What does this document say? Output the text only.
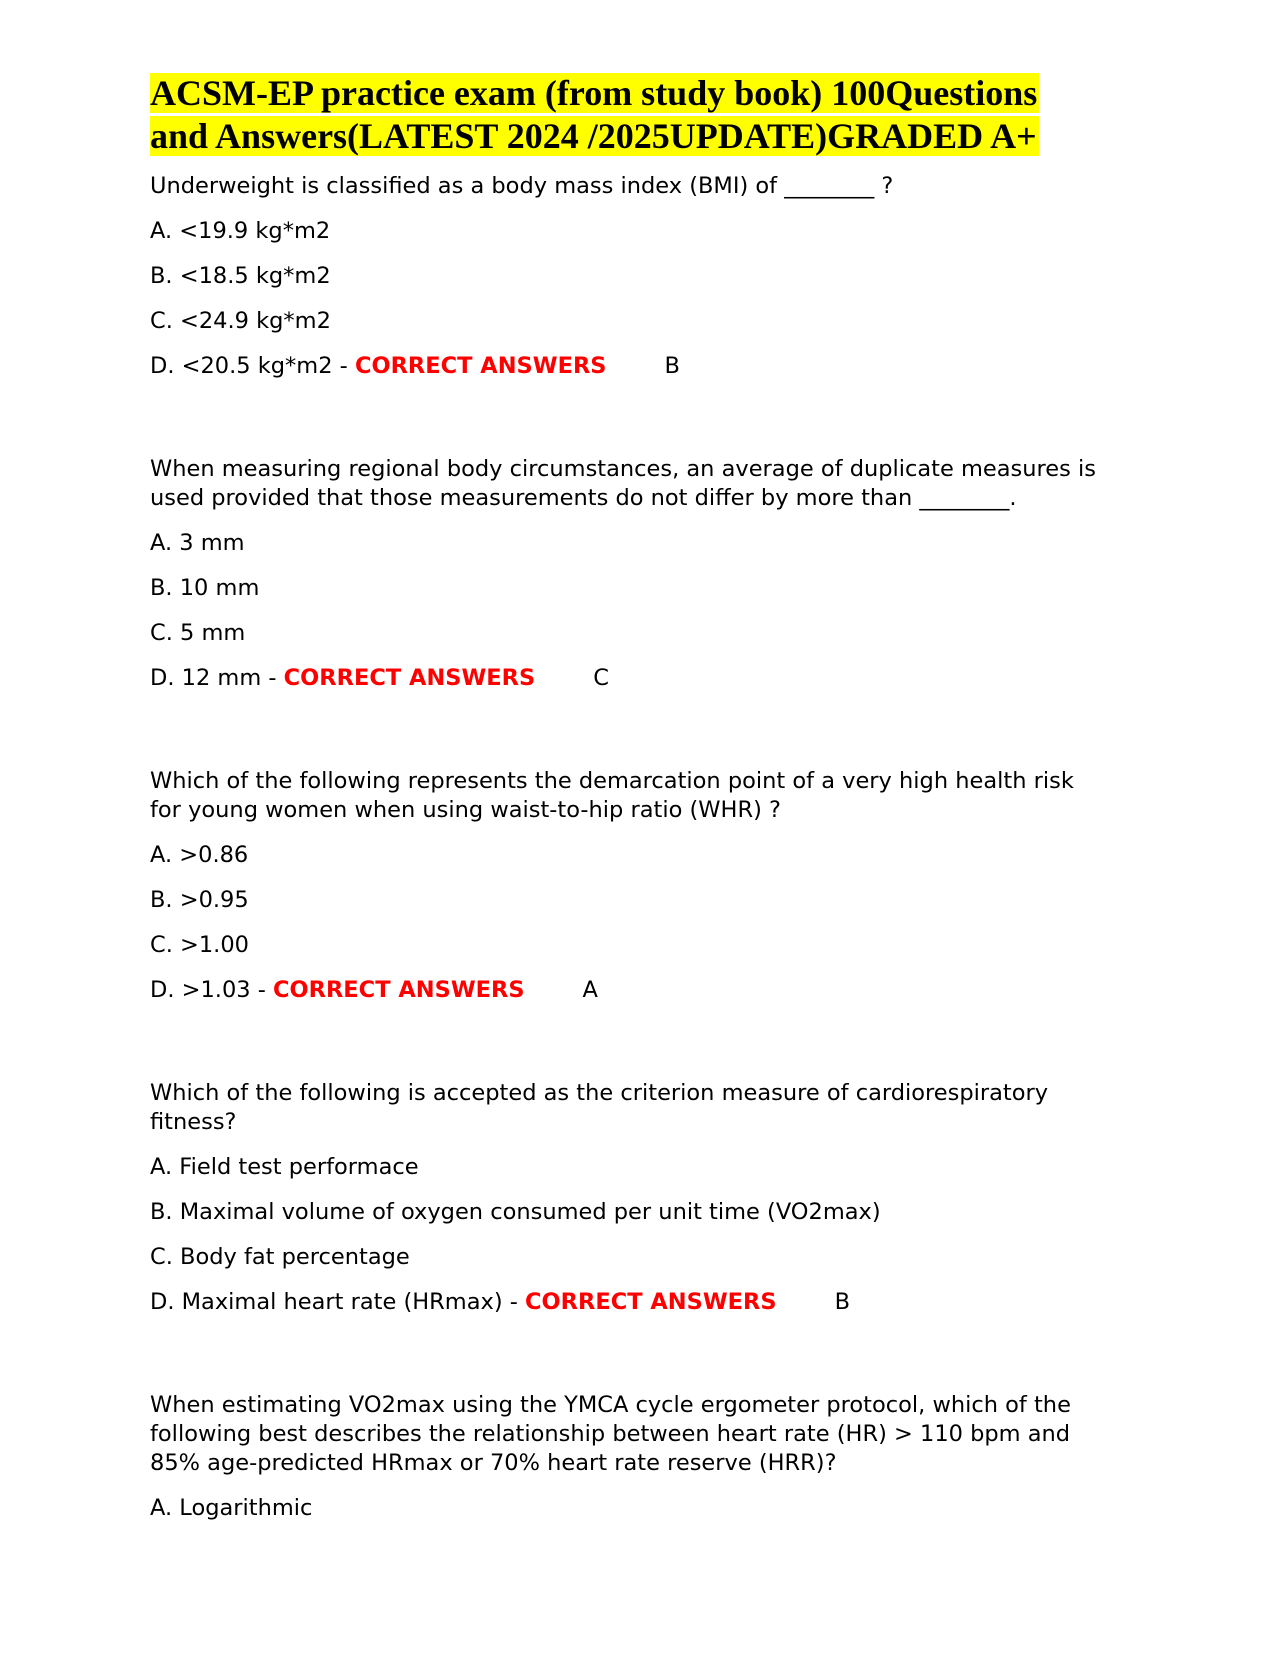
ACSM-EP practice exam (from study book) 100Questions
and Answers(LATEST 2024 /2025UPDATE)GRADED A+
Underweight is classified as a body mass index (BMI) of ________ ?
A. <19.9 kg*m2
B. <18.5 kg*m2
C. <24.9 kg*m2
D. <20.5 kg*m2 - CORRECT ANSWERS	B
When measuring regional body circumstances, an average of duplicate measures is used provided that those measurements do not differ by more than ________.
A. 3 mm
B. 10 mm
C. 5 mm
D. 12 mm - CORRECT ANSWERS	C
Which of the following represents the demarcation point of a very high health risk for young women when using waist-to-hip ratio (WHR) ?
A. >0.86
B. >0.95
C. >1.00
D. >1.03 - CORRECT ANSWERS	A
Which of the following is accepted as the criterion measure of cardiorespiratory fitness?
A. Field test performace
B. Maximal volume of oxygen consumed per unit time (VO2max)
C. Body fat percentage
D. Maximal heart rate (HRmax) - CORRECT ANSWERS	B
When estimating VO2max using the YMCA cycle ergometer protocol, which of the following best describes the relationship between heart rate (HR) > 110 bpm and 85% age-predicted HRmax or 70% heart rate reserve (HRR)?
A. Logarithmic
